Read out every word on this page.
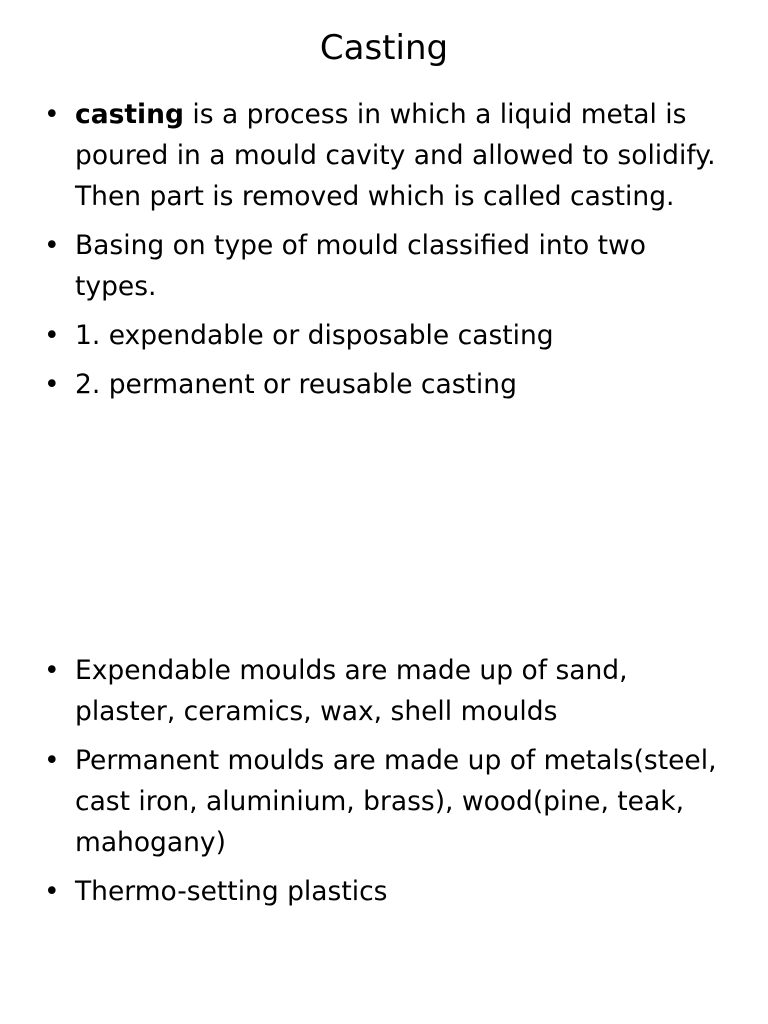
Casting
• casting is a process in which a liquid metal is poured in a mould cavity and allowed to solidify. Then part is removed which is called casting.
• Basing on type of mould classified into two types.
• 1. expendable or disposable casting
• 2. permanent or reusable casting
• Expendable moulds are made up of sand, plaster, ceramics, wax, shell moulds
• Permanent moulds are made up of metals(steel, cast iron, aluminium, brass), wood(pine, teak, mahogany)
• Thermo-setting plastics
